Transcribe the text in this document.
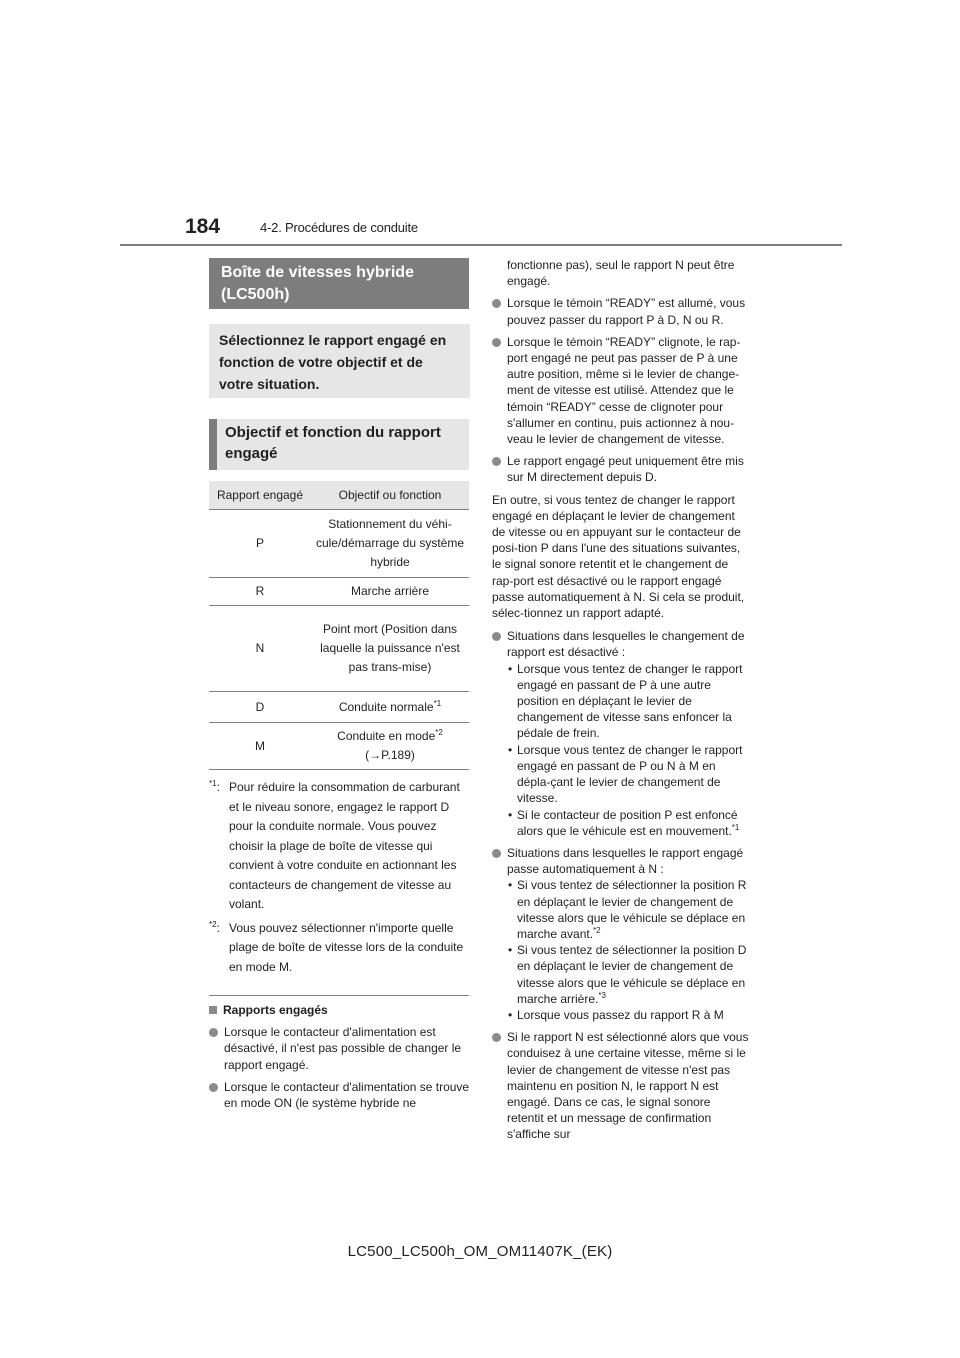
184	4-2. Procédures de conduite
Boîte de vitesses hybride (LC500h)
Sélectionnez le rapport engagé en fonction de votre objectif et de votre situation.
Objectif et fonction du rapport engagé
Rapport engagé	Objectif ou fonction
P	Stationnement du véhi-cule/démarrage du système hybride
R	Marche arrière
N	Point mort (Position dans laquelle la puissance n'est pas trans-mise)
D	Conduite normale$^{*1}$
M	Conduite en mode$^{*2}$
(→P.189)
$^{*1}$: Pour réduire la consommation de carburant et le niveau sonore, engagez le rapport D pour la conduite normale. Vous pouvez choisir la plage de boîte de vitesse qui convient à votre conduite en actionnant les contacteurs de changement de vitesse au volant.
$^{*2}$: Vous pouvez sélectionner n'importe quelle plage de boîte de vitesse lors de la conduite en mode M.
Rapports engagés
Lorsque le contacteur d'alimentation est désactivé, il n'est pas possible de changer le rapport engagé.
Lorsque le contacteur d'alimentation se trouve en mode ON (le système hybride ne
fonctionne pas), seul le rapport N peut être engagé.
Lorsque le témoin “READY” est allumé, vous pouvez passer du rapport P à D, N ou R.
Lorsque le témoin “READY” clignote, le rap-port engagé ne peut pas passer de P à une autre position, même si le levier de change-ment de vitesse est utilisé. Attendez que le témoin “READY” cesse de clignoter pour s'allumer en continu, puis actionnez à nou-veau le levier de changement de vitesse.
Le rapport engagé peut uniquement être mis sur M directement depuis D.
En outre, si vous tentez de changer le rapport engagé en déplaçant le levier de changement de vitesse ou en appuyant sur le contacteur de posi-tion P dans l'une des situations suivantes, le signal sonore retentit et le changement de rap-port est désactivé ou le rapport engagé passe automatiquement à N. Si cela se produit, sélec-tionnez un rapport adapté.
Situations dans lesquelles le changement de rapport est désactivé :
• Lorsque vous tentez de changer le rapport engagé en passant de P à une autre position en déplaçant le levier de changement de vitesse sans enfoncer la pédale de frein.
• Lorsque vous tentez de changer le rapport engagé en passant de P ou N à M en dépla-çant le levier de changement de vitesse.
• Si le contacteur de position P est enfoncé alors que le véhicule est en mouvement.$^{*1}$
Situations dans lesquelles le rapport engagé passe automatiquement à N :
• Si vous tentez de sélectionner la position R en déplaçant le levier de changement de vitesse alors que le véhicule se déplace en marche avant.$^{*2}$
• Si vous tentez de sélectionner la position D en déplaçant le levier de changement de vitesse alors que le véhicule se déplace en marche arrière.$^{*3}$
• Lorsque vous passez du rapport R à M
Si le rapport N est sélectionné alors que vous conduisez à une certaine vitesse, même si le levier de changement de vitesse n'est pas maintenu en position N, le rapport N est engagé. Dans ce cas, le signal sonore retentit et un message de confirmation s'affiche sur
LC500_LC500h_OM_OM11407K_(EK)
